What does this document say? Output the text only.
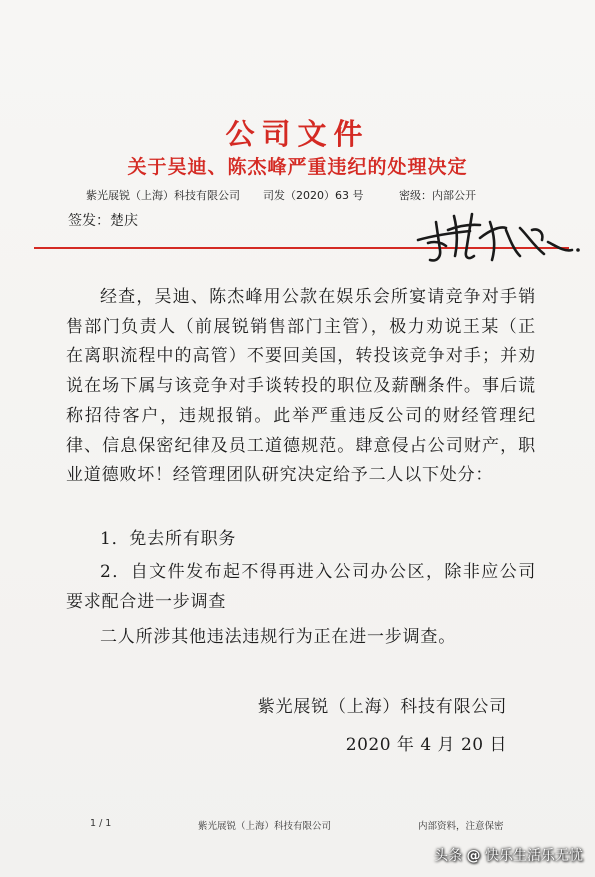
公司文件
关于吴迪、陈杰峰严重违纪的处理决定
紫光展锐（上海）科技有限公司 司发（2020）63 号	密级：内部公开
签发：楚庆

经查，吴迪、陈杰峰用公款在娱乐会所宴请竞争对手销售部门负责人（前展锐销售部门主管），极力劝说王某（正在离职流程中的高管）不要回美国，转投该竞争对手；并劝说在场下属与该竞争对手谈转投的职位及薪酬条件。事后谎称招待客户，违规报销。此举严重违反公司的财经管理纪律、信息保密纪律及员工道德规范。肆意侵占公司财产，职业道德败坏！经管理团队研究决定给予二人以下处分：

1．免去所有职务

2．自文件发布起不得再进入公司办公区，除非应公司要求配合进一步调查

二人所涉其他违法违规行为正在进一步调查。
紫光展锐（上海）科技有限公司
2020 年 4 月 20 日
1 / 1	紫光展锐（上海）科技有限公司	内部资料，注意保密
头条 @ 快乐生活乐无忧
